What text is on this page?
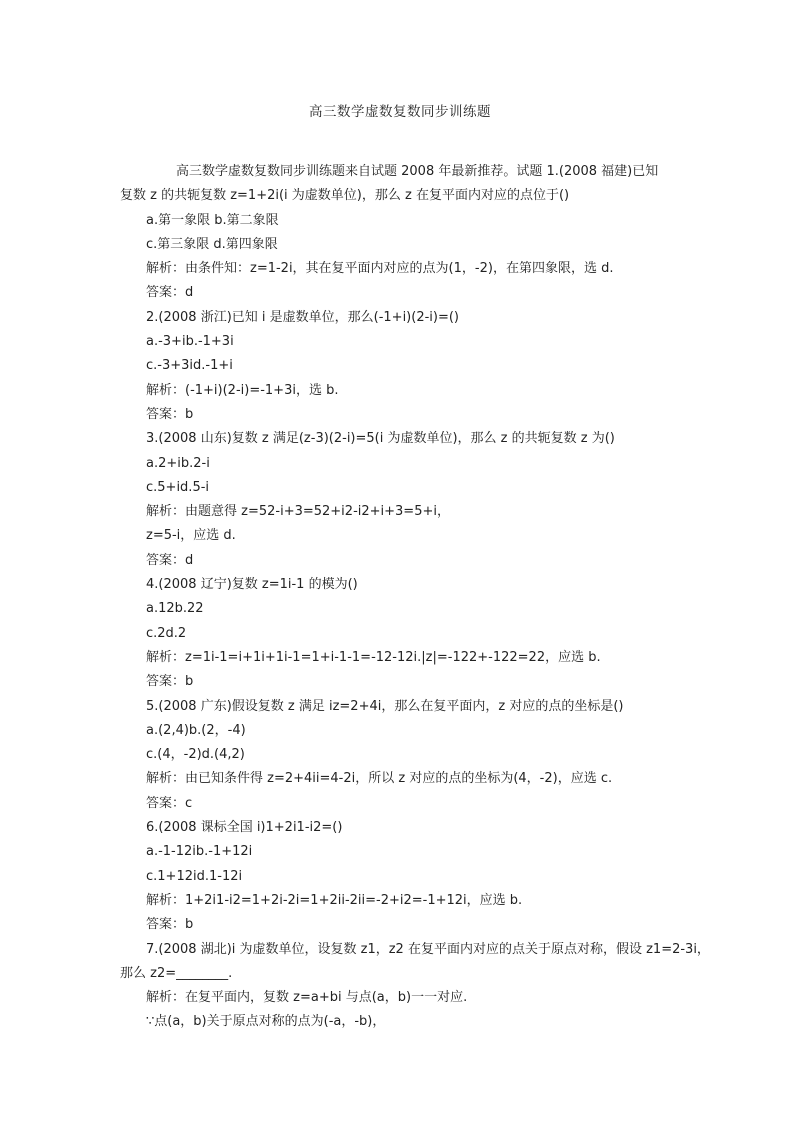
高三数学虚数复数同步训练题
高三数学虚数复数同步训练题来自试题 2008 年最新推荐。试题 1.(2008 福建)已知
复数 z 的共轭复数 z=1+2i(i 为虚数单位)，那么 z 在复平面内对应的点位于()
a.第一象限 b.第二象限
c.第三象限 d.第四象限
解析：由条件知：z=1-2i，其在复平面内对应的点为(1，-2)，在第四象限，选 d.
答案：d
2.(2008 浙江)已知 i 是虚数单位，那么(-1+i)(2-i)=()
a.-3+ib.-1+3i
c.-3+3id.-1+i
解析：(-1+i)(2-i)=-1+3i，选 b.
答案：b
3.(2008 山东)复数 z 满足(z-3)(2-i)=5(i 为虚数单位)，那么 z 的共轭复数 z 为()
a.2+ib.2-i
c.5+id.5-i
解析：由题意得 z=52-i+3=52+i2-i2+i+3=5+i，
z=5-i，应选 d.
答案：d
4.(2008 辽宁)复数 z=1i-1 的模为()
a.12b.22
c.2d.2
解析：z=1i-1=i+1i+1i-1=1+i-1-1=-12-12i.|z|=-122+-122=22，应选 b.
答案：b
5.(2008 广东)假设复数 z 满足 iz=2+4i，那么在复平面内，z 对应的点的坐标是()
a.(2,4)b.(2，-4)
c.(4，-2)d.(4,2)
解析：由已知条件得 z=2+4ii=4-2i，所以 z 对应的点的坐标为(4，-2)，应选 c.
答案：c
6.(2008 课标全国 ⅰ)1+2i1-i2=()
a.-1-12ib.-1+12i
c.1+12id.1-12i
解析：1+2i1-i2=1+2i-2i=1+2ii-2ii=-2+i2=-1+12i，应选 b.
答案：b
7.(2008 湖北)i 为虚数单位，设复数 z1，z2 在复平面内对应的点关于原点对称，假设 z1=2-3i，
那么 z2=________.
解析：在复平面内，复数 z=a+bi 与点(a，b)一一对应.
∵点(a，b)关于原点对称的点为(-a，-b)，
